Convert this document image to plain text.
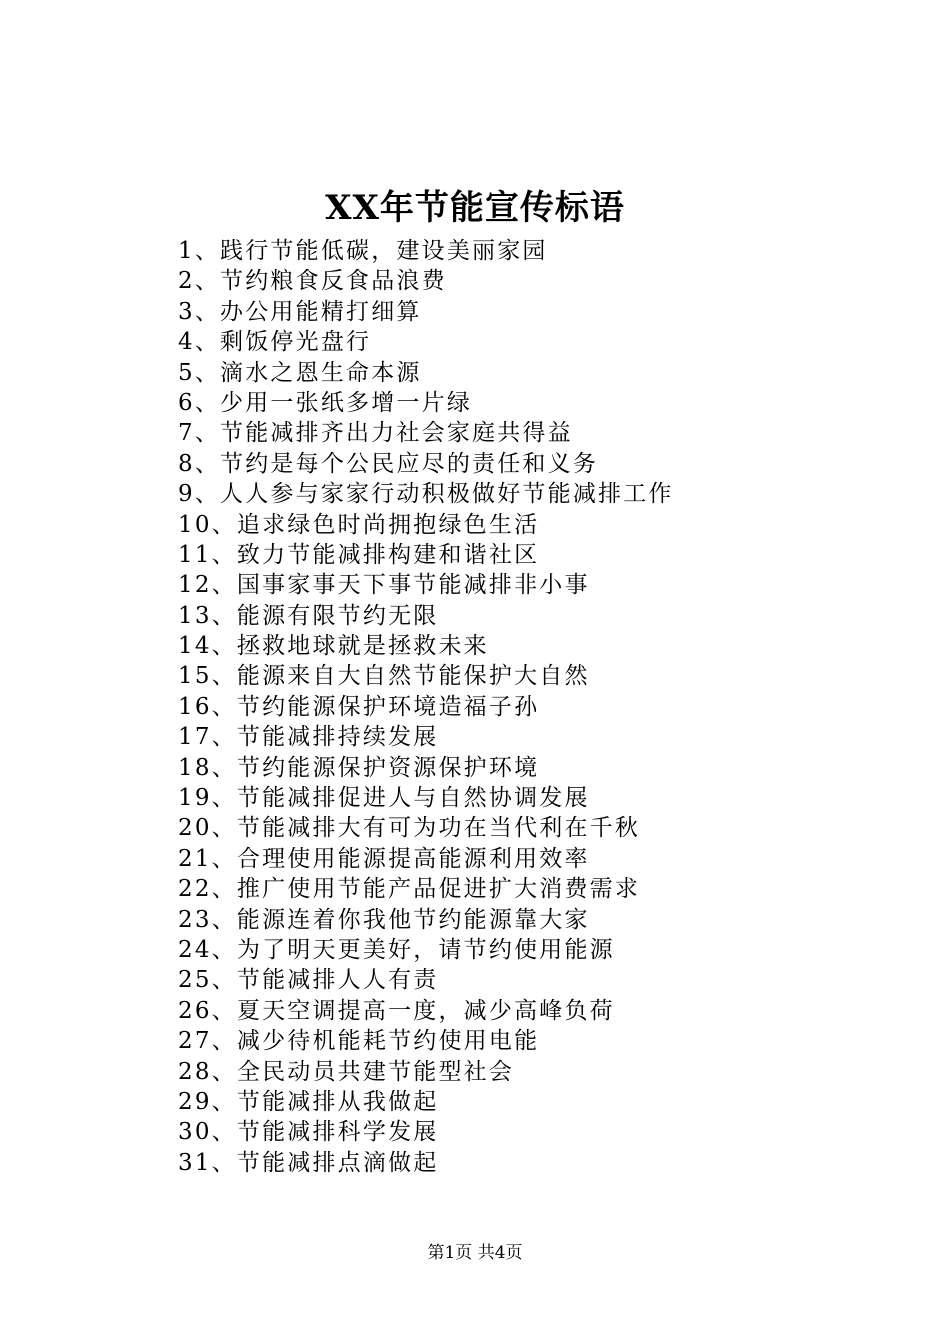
XX年节能宣传标语
1、践行节能低碳，建设美丽家园
2、节约粮食反食品浪费
3、办公用能精打细算
4、剩饭停光盘行
5、滴水之恩生命本源
6、少用一张纸多增一片绿
7、节能减排齐出力社会家庭共得益
8、节约是每个公民应尽的责任和义务
9、人人参与家家行动积极做好节能减排工作
10、追求绿色时尚拥抱绿色生活
11、致力节能减排构建和谐社区
12、国事家事天下事节能减排非小事
13、能源有限节约无限
14、拯救地球就是拯救未来
15、能源来自大自然节能保护大自然
16、节约能源保护环境造福子孙
17、节能减排持续发展
18、节约能源保护资源保护环境
19、节能减排促进人与自然协调发展
20、节能减排大有可为功在当代利在千秋
21、合理使用能源提高能源利用效率
22、推广使用节能产品促进扩大消费需求
23、能源连着你我他节约能源靠大家
24、为了明天更美好，请节约使用能源
25、节能减排人人有责
26、夏天空调提高一度，减少高峰负荷
27、减少待机能耗节约使用电能
28、全民动员共建节能型社会
29、节能减排从我做起
30、节能减排科学发展
31、节能减排点滴做起
第1页 共4页
